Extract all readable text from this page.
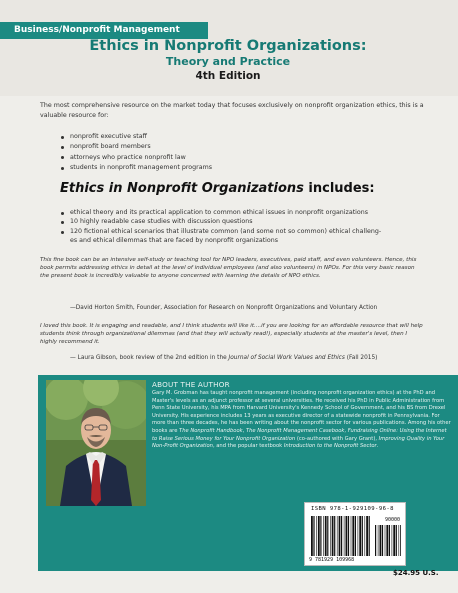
Business/Nonprofit Management
Ethics in Nonprofit Organizations:
Theory and Practice
4th Edition
The most comprehensive resource on the market today that focuses exclusively on nonprofit organization ethics, this is a valuable resource for:
nonprofit executive staff
nonprofit board members
attorneys who practice nonprofit law
students in nonprofit management programs
Ethics in Nonprofit Organizations includes:
ethical theory and its practical application to common ethical issues in nonprofit organizations
10 highly readable case studies with discussion questions
120 fictional ethical scenarios that illustrate common (and some not so common) ethical challeng-
es and ethical dilemmas that are faced by nonprofit organizations
This fine book can be an intensive self-study or teaching tool for NPO leaders, executives, paid staff, and even volunteers. Hence, this book permits addressing ethics in detail at the level of individual employees (and also volunteers) in NPOs. For this very basic reason the present book is incredibly valuable to anyone concerned with learning the details of NPO ethics.
—David Horton Smith, Founder, Association for Research on Nonprofit Organizations and Voluntary Action
I loved this book. It is engaging and readable, and I think students will like it....if you are looking for an affordable resource that will help students think through organizational dilemmas (and that they will actually read!), especially students at the master's level, then I highly recommend it.
— Laura Gibson, book review of the 2nd edition in the Journal of Social Work Values and Ethics (Fall 2015)
ABOUT THE AUTHOR
Gary M. Grobman has taught nonprofit management (including nonprofit organization ethics) at the PhD and Master's levels as an adjunct professor at several universities. He received his PhD in Public Administration from Penn State University, his MPA from Harvard University's Kennedy School of Government, and his BS from Drexel University. His experience includes 13 years as executive director of a statewide nonprofit in Pennsylvania. For more than three decades, he has been writing about the nonprofit sector for various publications. Among his other books are The Nonprofit Handbook, The Nonprofit Management Casebook, Fundraising Online: Using the Internet to Raise Serious Money for Your Nonprofit Organization (co-authored with Gary Grant), Improving Quality in Your Non-Profit Organization, and the popular textbook Introduction to the Nonprofit Sector.
ISBN 978-1-929109-96-8
90000
9 781929 109968
$24.95 U.S.
